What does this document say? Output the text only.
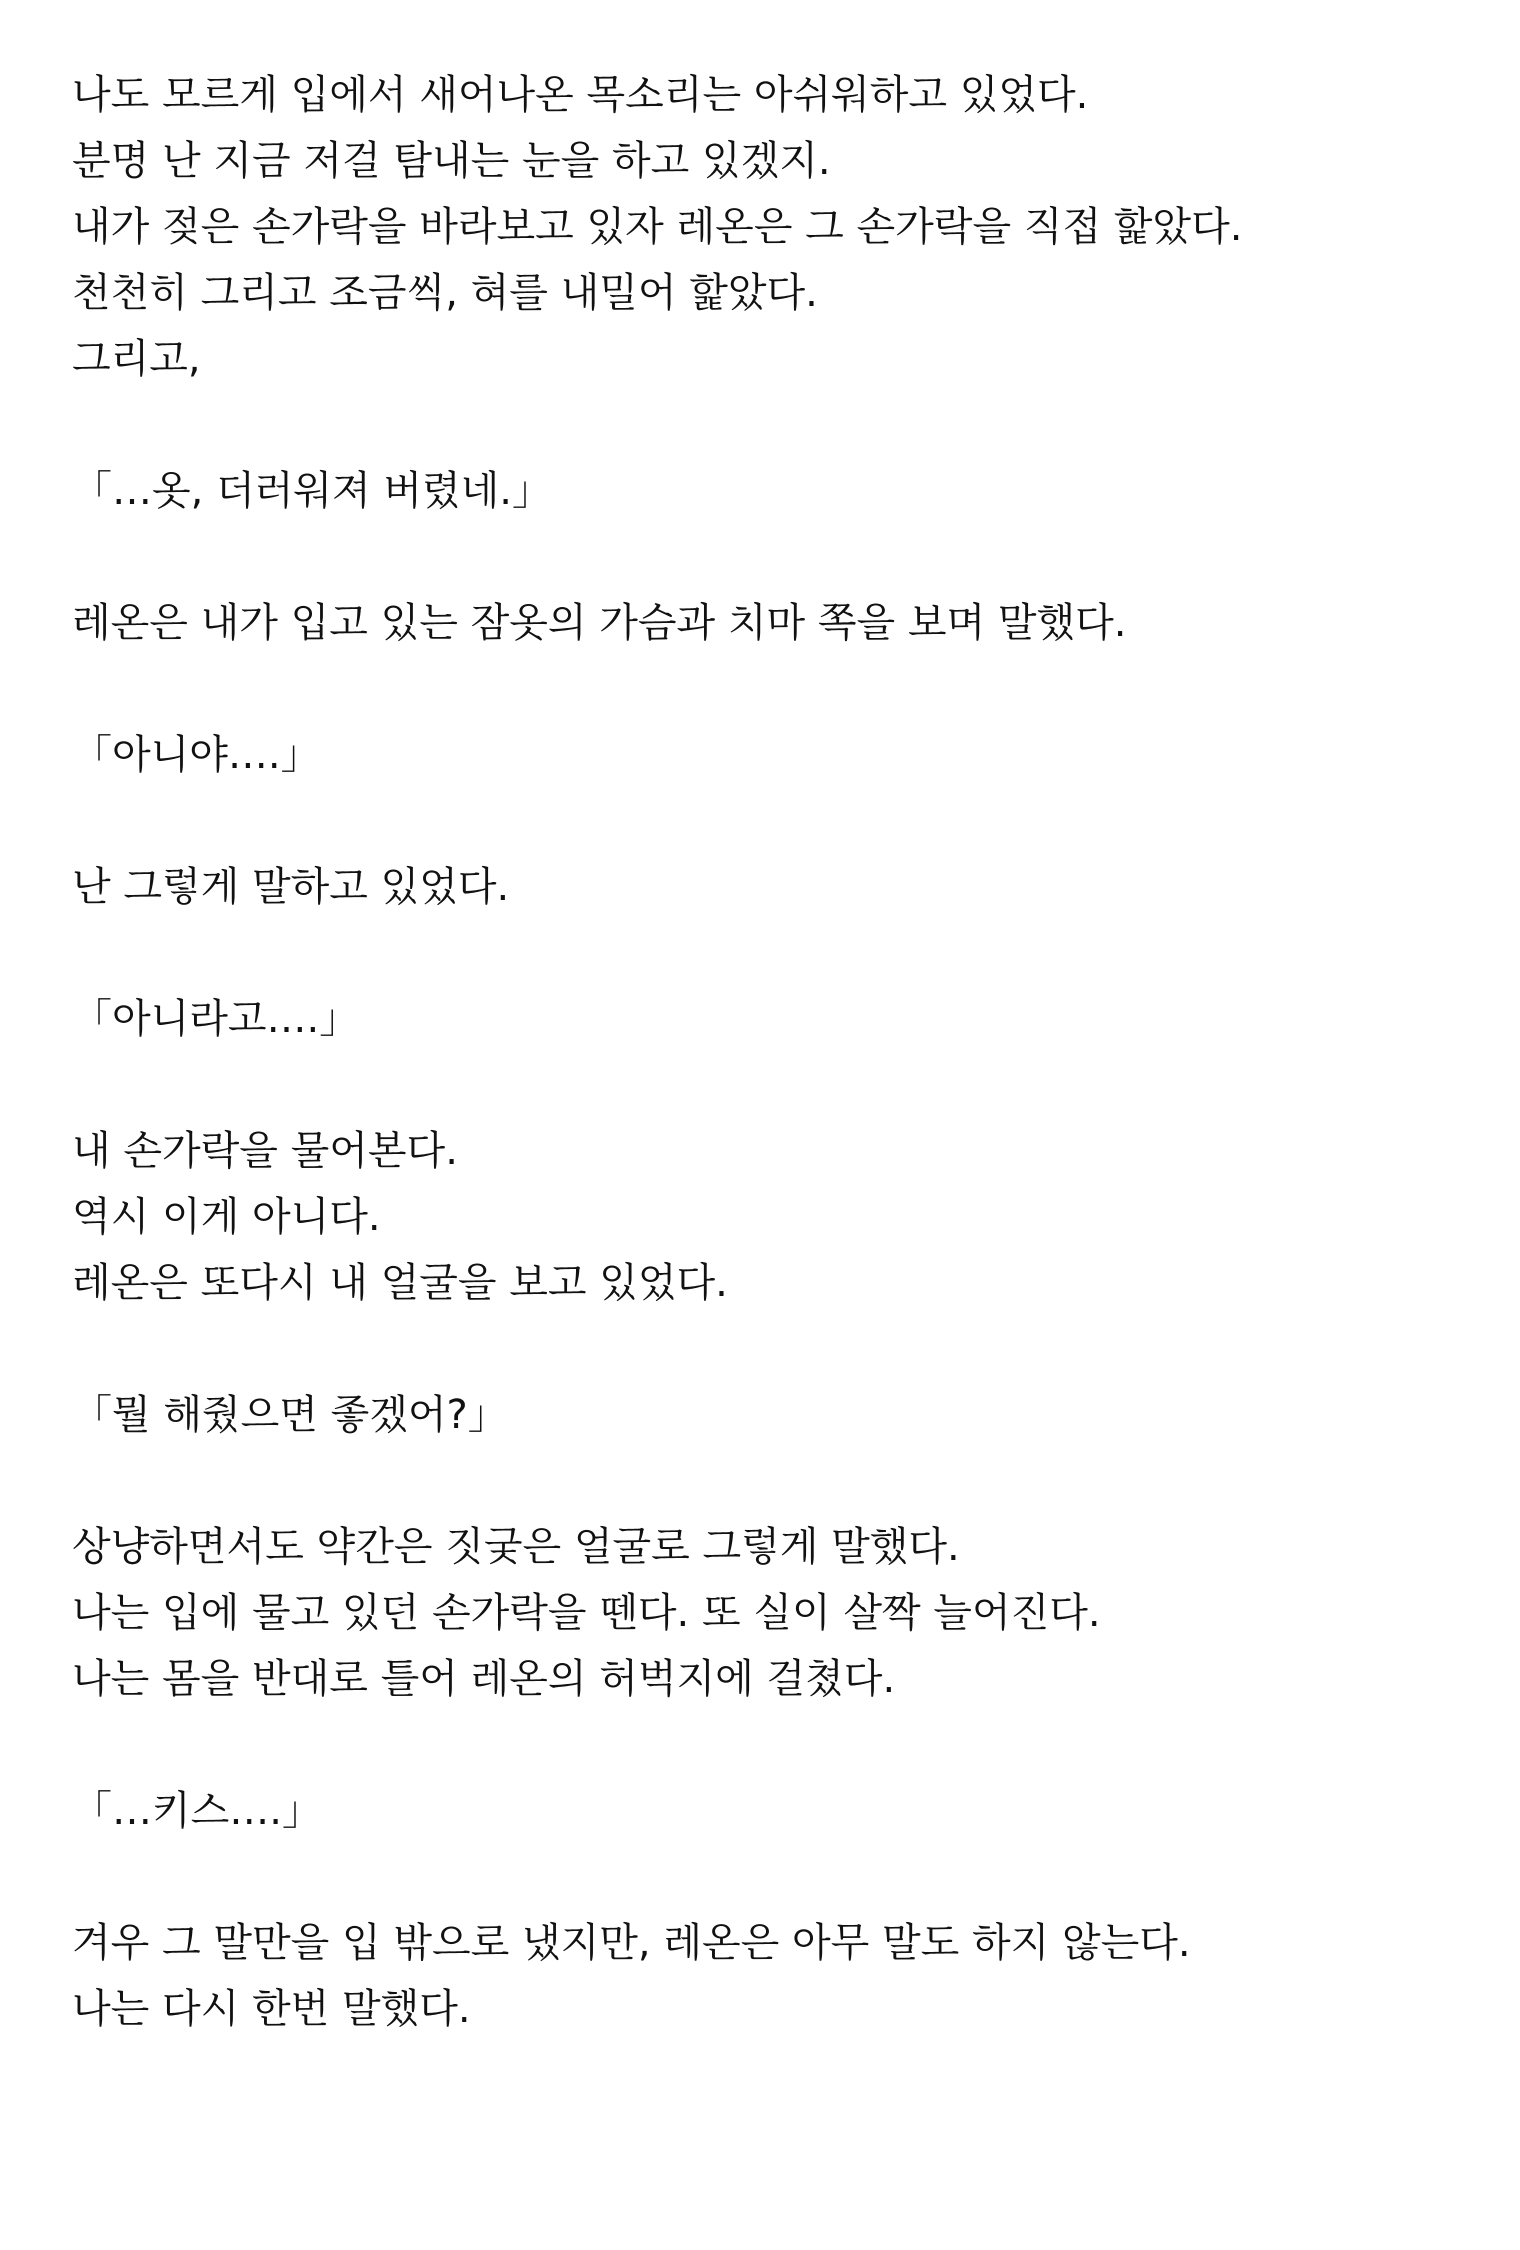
나도 모르게 입에서 새어나온 목소리는 아쉬워하고 있었다.
분명 난 지금 저걸 탐내는 눈을 하고 있겠지.
내가 젖은 손가락을 바라보고 있자 레온은 그 손가락을 직접 핥았다.
천천히 그리고 조금씩, 혀를 내밀어 핥았다.
그리고,
「…옷, 더러워져 버렸네.」
레온은 내가 입고 있는 잠옷의 가슴과 치마 쪽을 보며 말했다.
「아니야….」
난 그렇게 말하고 있었다.
「아니라고….」
내 손가락을 물어본다.
역시 이게 아니다.
레온은 또다시 내 얼굴을 보고 있었다.
「뭘 해줬으면 좋겠어?」
상냥하면서도 약간은 짓궂은 얼굴로 그렇게 말했다.
나는 입에 물고 있던 손가락을 뗀다. 또 실이 살짝 늘어진다.
나는 몸을 반대로 틀어 레온의 허벅지에 걸쳤다.
「…키스….」
겨우 그 말만을 입 밖으로 냈지만, 레온은 아무 말도 하지 않는다.
나는 다시 한번 말했다.
